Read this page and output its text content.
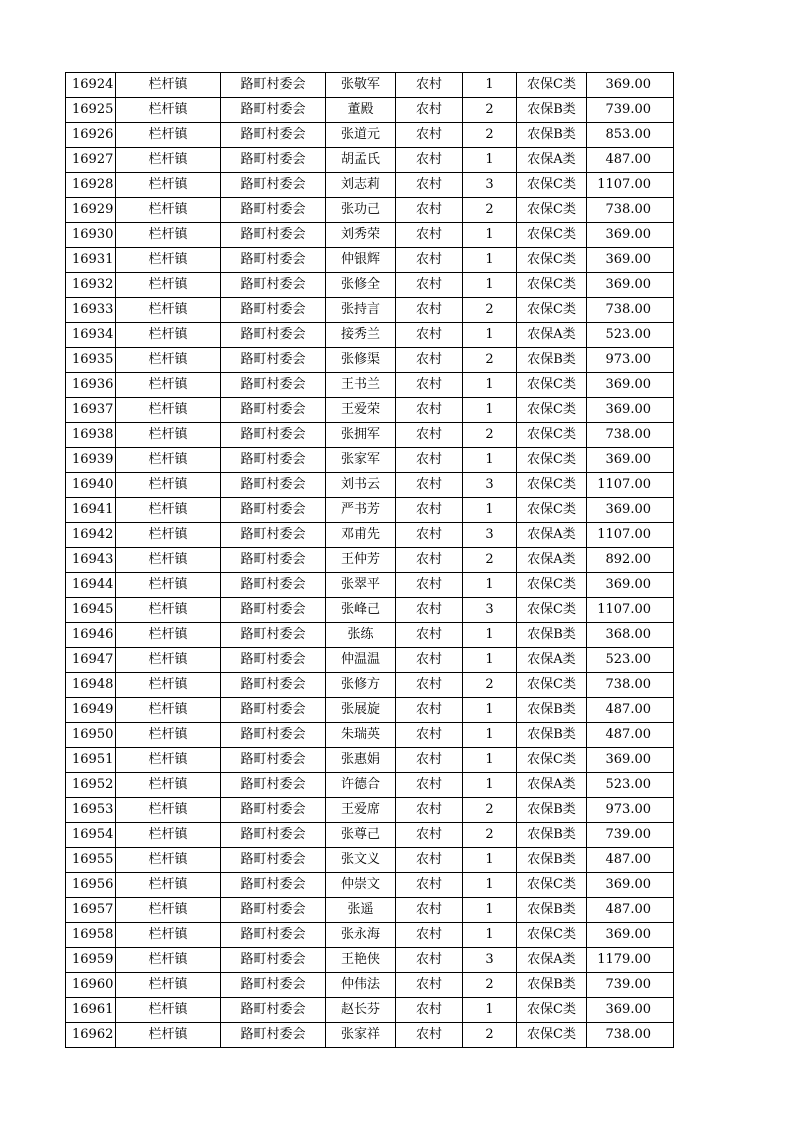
16924	栏杆镇	路町村委会	张敬军	农村	1	农保C类	369.00
16925	栏杆镇	路町村委会	董殿	农村	2	农保B类	739.00
16926	栏杆镇	路町村委会	张道元	农村	2	农保B类	853.00
16927	栏杆镇	路町村委会	胡孟氏	农村	1	农保A类	487.00
16928	栏杆镇	路町村委会	刘志莉	农村	3	农保C类	1107.00
16929	栏杆镇	路町村委会	张功己	农村	2	农保C类	738.00
16930	栏杆镇	路町村委会	刘秀荣	农村	1	农保C类	369.00
16931	栏杆镇	路町村委会	仲银辉	农村	1	农保C类	369.00
16932	栏杆镇	路町村委会	张修全	农村	1	农保C类	369.00
16933	栏杆镇	路町村委会	张持言	农村	2	农保C类	738.00
16934	栏杆镇	路町村委会	接秀兰	农村	1	农保A类	523.00
16935	栏杆镇	路町村委会	张修渠	农村	2	农保B类	973.00
16936	栏杆镇	路町村委会	王书兰	农村	1	农保C类	369.00
16937	栏杆镇	路町村委会	王爱荣	农村	1	农保C类	369.00
16938	栏杆镇	路町村委会	张拥军	农村	2	农保C类	738.00
16939	栏杆镇	路町村委会	张家军	农村	1	农保C类	369.00
16940	栏杆镇	路町村委会	刘书云	农村	3	农保C类	1107.00
16941	栏杆镇	路町村委会	严书芳	农村	1	农保C类	369.00
16942	栏杆镇	路町村委会	邓甫先	农村	3	农保A类	1107.00
16943	栏杆镇	路町村委会	王仲芳	农村	2	农保A类	892.00
16944	栏杆镇	路町村委会	张翠平	农村	1	农保C类	369.00
16945	栏杆镇	路町村委会	张峰己	农村	3	农保C类	1107.00
16946	栏杆镇	路町村委会	张练	农村	1	农保B类	368.00
16947	栏杆镇	路町村委会	仲温温	农村	1	农保A类	523.00
16948	栏杆镇	路町村委会	张修方	农村	2	农保C类	738.00
16949	栏杆镇	路町村委会	张展旋	农村	1	农保B类	487.00
16950	栏杆镇	路町村委会	朱瑞英	农村	1	农保B类	487.00
16951	栏杆镇	路町村委会	张惠娟	农村	1	农保C类	369.00
16952	栏杆镇	路町村委会	许德合	农村	1	农保A类	523.00
16953	栏杆镇	路町村委会	王爱席	农村	2	农保B类	973.00
16954	栏杆镇	路町村委会	张尊己	农村	2	农保B类	739.00
16955	栏杆镇	路町村委会	张文义	农村	1	农保B类	487.00
16956	栏杆镇	路町村委会	仲崇文	农村	1	农保C类	369.00
16957	栏杆镇	路町村委会	张遥	农村	1	农保B类	487.00
16958	栏杆镇	路町村委会	张永海	农村	1	农保C类	369.00
16959	栏杆镇	路町村委会	王艳侠	农村	3	农保A类	1179.00
16960	栏杆镇	路町村委会	仲伟法	农村	2	农保B类	739.00
16961	栏杆镇	路町村委会	赵长芬	农村	1	农保C类	369.00
16962	栏杆镇	路町村委会	张家祥	农村	2	农保C类	738.00
